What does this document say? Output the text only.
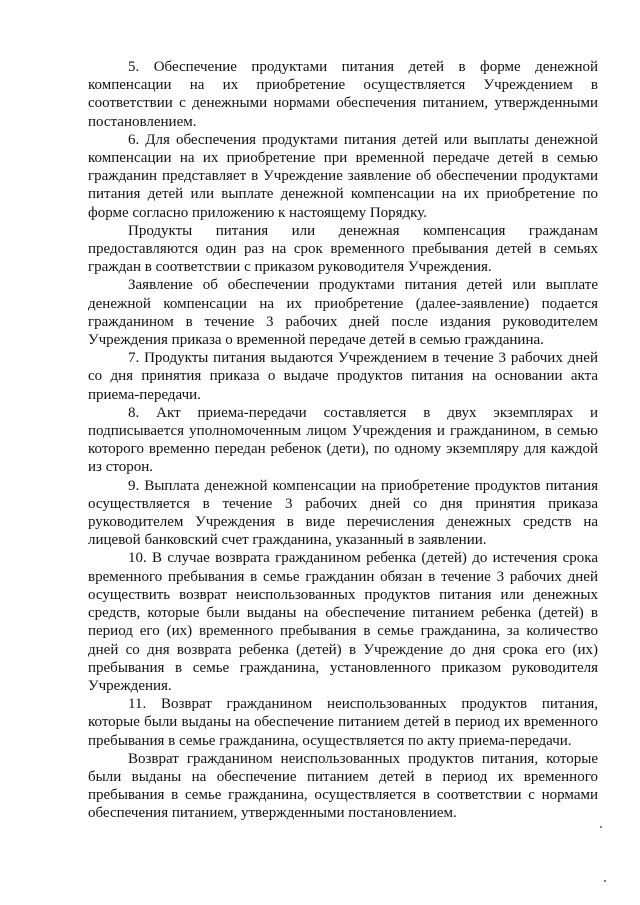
5. Обеспечение продуктами питания детей в форме денежной компенсации на их приобретение осуществляется Учреждением в соответствии с денежными нормами обеспечения питанием, утвержденными постановлением.

6. Для обеспечения продуктами питания детей или выплаты денежной компенсации на их приобретение при временной передаче детей в семью гражданин представляет в Учреждение заявление об обеспечении продуктами питания детей или выплате денежной компенсации на их приобретение по форме согласно приложению к настоящему Порядку.

Продукты питания или денежная компенсация гражданам предоставляются один раз на срок временного пребывания детей в семьях граждан в соответствии с приказом руководителя Учреждения.

Заявление об обеспечении продуктами питания детей или выплате денежной компенсации на их приобретение (далее-заявление) подается гражданином в течение 3 рабочих дней после издания руководителем Учреждения приказа о временной передаче детей в семью гражданина.

7. Продукты питания выдаются Учреждением в течение 3 рабочих дней со дня принятия приказа о выдаче продуктов питания на основании акта приема-передачи.

8. Акт приема-передачи составляется в двух экземплярах и подписывается уполномоченным лицом Учреждения и гражданином, в семью которого временно передан ребенок (дети), по одному экземпляру для каждой из сторон.

9. Выплата денежной компенсации на приобретение продуктов питания осуществляется в течение 3 рабочих дней со дня принятия приказа руководителем Учреждения в виде перечисления денежных средств на лицевой банковский счет гражданина, указанный в заявлении.

10. В случае возврата гражданином ребенка (детей) до истечения срока временного пребывания в семье гражданин обязан в течение 3 рабочих дней осуществить возврат неиспользованных продуктов питания или денежных средств, которые были выданы на обеспечение питанием ребенка (детей) в период его (их) временного пребывания в семье гражданина, за количество дней со дня возврата ребенка (детей) в Учреждение до дня срока его (их) пребывания в семье гражданина, установленного приказом руководителя Учреждения.

11. Возврат гражданином неиспользованных продуктов питания, которые были выданы на обеспечение питанием детей в период их временного пребывания в семье гражданина, осуществляется по акту приема-передачи.

Возврат гражданином неиспользованных продуктов питания, которые были выданы на обеспечение питанием детей в период их временного пребывания в семье гражданина, осуществляется в соответствии с нормами обеспечения питанием, утвержденными постановлением.
